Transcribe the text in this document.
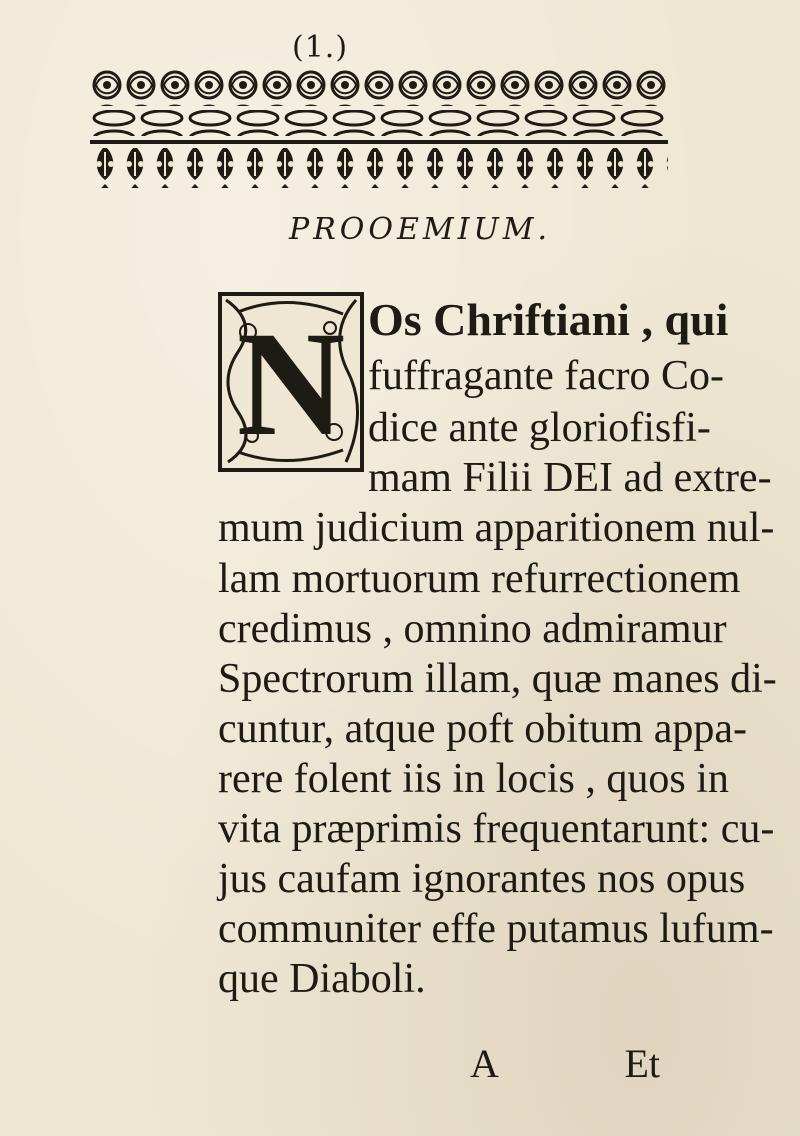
(1.)
PROOEMIUM.
N Os Chriftiani , qui
fuffragante facro Co-
dice ante gloriofisfi-
mam Filii DEI ad extre-
mum judicium apparitionem nul-
lam mortuorum refurrectionem
credimus , omnino admiramur
Spectrorum illam, quæ manes di-
cuntur, atque poft obitum appa-
rere folent iis in locis , quos in
vita præprimis frequentarunt: cu-
jus caufam ignorantes nos opus
communiter effe putamus lufum-
que Diaboli.
A	Et
